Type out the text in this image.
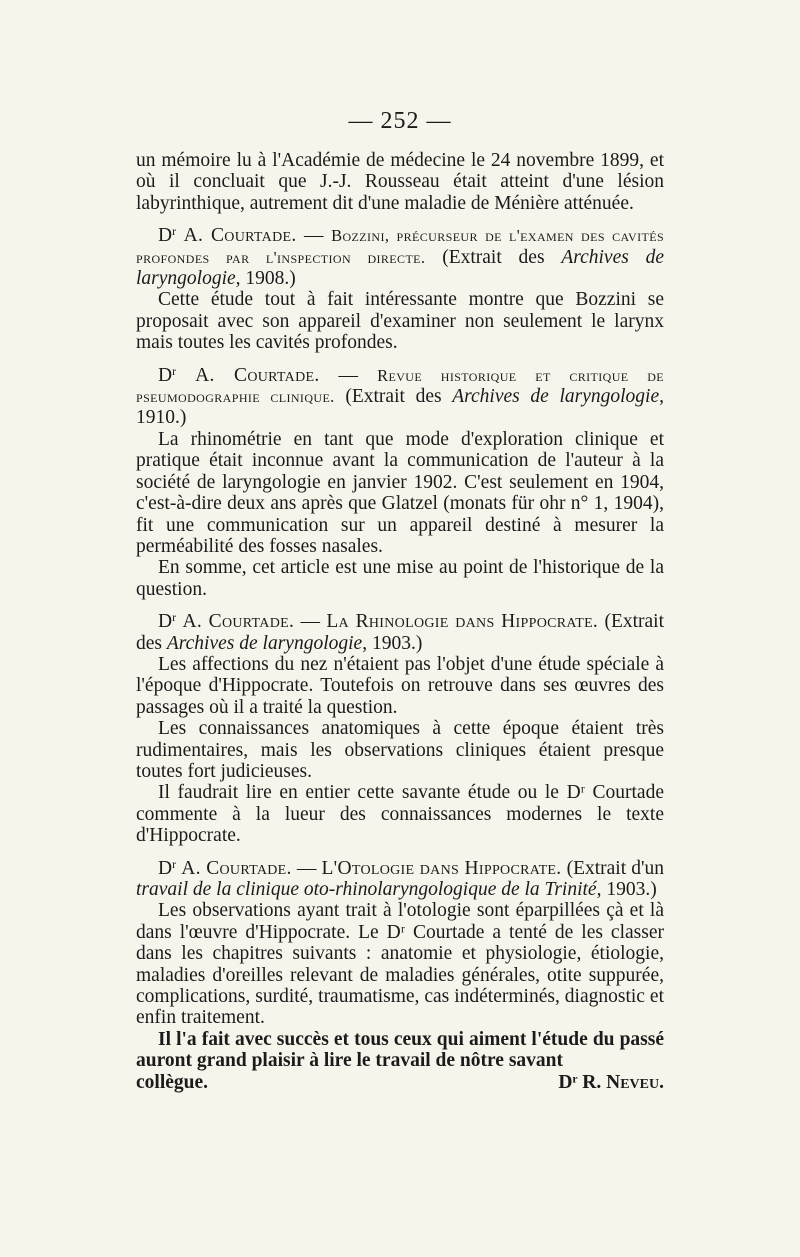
— 252 —

un mémoire lu à l'Académie de médecine le 24 novembre 1899, et où il concluait que J.-J. Rousseau était atteint d'une lésion labyrinthique, autrement dit d'une maladie de Ménière atténuée.

$D^r$ A. Courtade. — Bozzini, précurseur de l'examen des cavités profondes par l'inspection directe. (Extrait des Archives de laryngologie, 1908.)

Cette étude tout à fait intéressante montre que Bozzini se proposait avec son appareil d'examiner non seulement le larynx mais toutes les cavités profondes.

$D^r$ A. Courtade. — Revue historique et critique de pseumodographie clinique. (Extrait des Archives de laryngologie, 1910.)

La rhinométrie en tant que mode d'exploration clinique et pratique était inconnue avant la communication de l'auteur à la société de laryngologie en janvier 1902. C'est seulement en 1904, c'est-à-dire deux ans après que Glatzel (monats für ohr n° 1, 1904), fit une communication sur un appareil destiné à mesurer la perméabilité des fosses nasales.

En somme, cet article est une mise au point de l'historique de la question.

$D^r$ A. Courtade. — La Rhinologie dans Hippocrate. (Extrait des Archives de laryngologie, 1903.)

Les affections du nez n'étaient pas l'objet d'une étude spéciale à l'époque d'Hippocrate. Toutefois on retrouve dans ses œuvres des passages où il a traité la question.

Les connaissances anatomiques à cette époque étaient très rudimentaires, mais les observations cliniques étaient presque toutes fort judicieuses.

Il faudrait lire en entier cette savante étude ou le Dʳ Courtade commente à la lueur des connaissances modernes le texte d'Hippocrate.

$D^r$ A. Courtade. — L'Otologie dans Hippocrate. (Extrait d'un travail de la clinique oto-rhinolaryngologique de la Trinité, 1903.)

Les observations ayant trait à l'otologie sont éparpillées çà et là dans l'œuvre d'Hippocrate. Le Dʳ Courtade a tenté de les classer dans les chapitres suivants : anatomie et physiologie, étiologie, maladies d'oreilles relevant de maladies générales, otite suppurée, complications, surdité, traumatisme, cas indéterminés, diagnostic et enfin traitement.

Il l'a fait avec succès et tous ceux qui aiment l'étude du passé auront grand plaisir à lire le travail de nôtre savant

collègue.	Dʳ R. Neveu.
